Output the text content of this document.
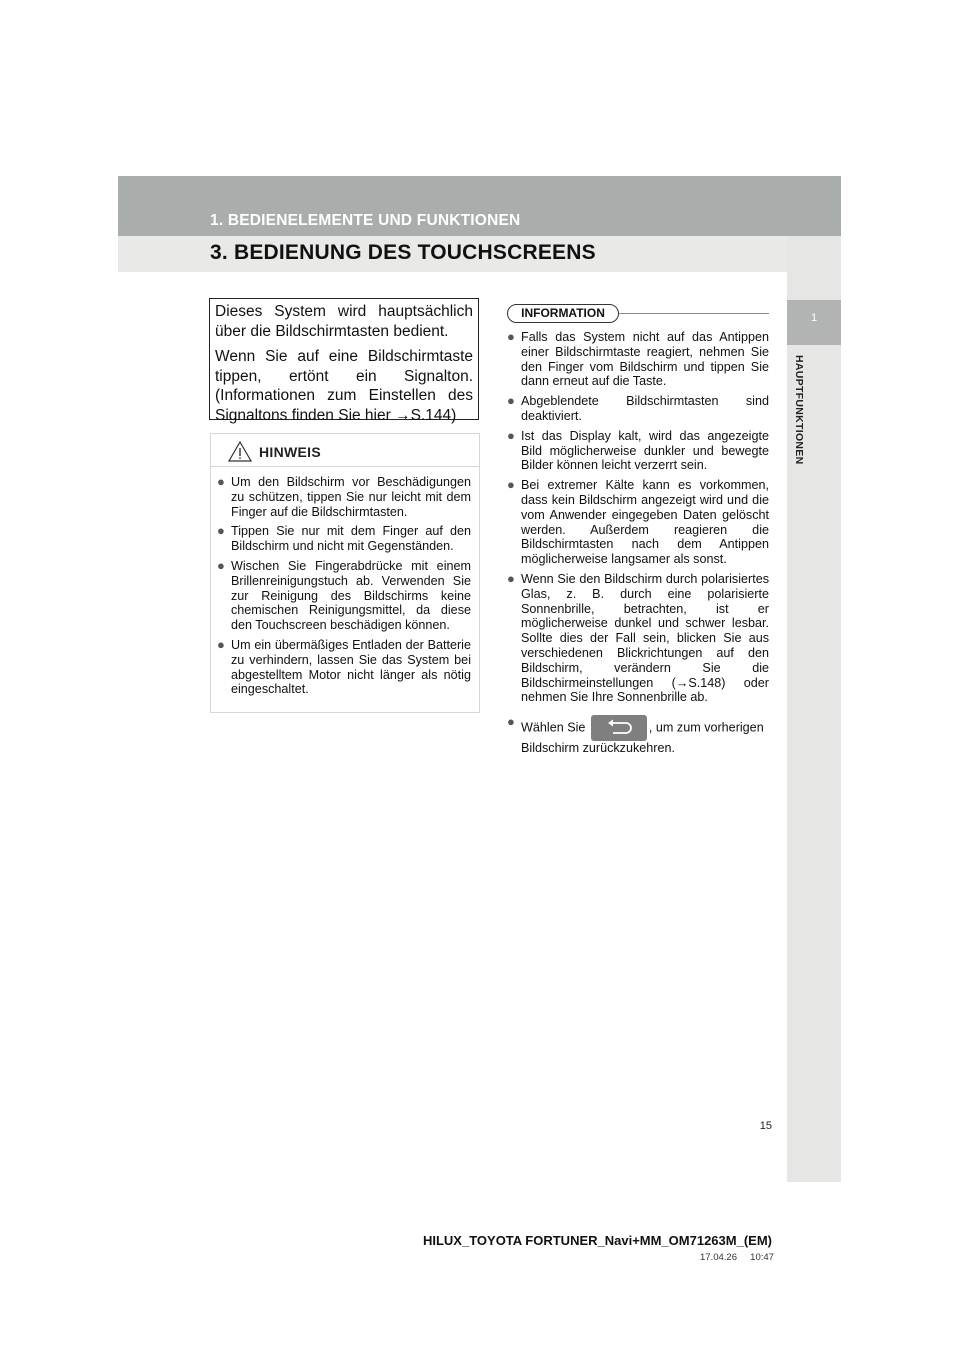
1. BEDIENELEMENTE UND FUNKTIONEN
3. BEDIENUNG DES TOUCHSCREENS
1
HAUPTFUNKTIONEN

Dieses System wird hauptsächlich über die Bildschirmtasten bedient.

Wenn Sie auf eine Bildschirmtaste tippen, ertönt ein Signalton. (Informationen zum Einstellen des Signaltons finden Sie hier →S.144)

HINWEIS
● Um den Bildschirm vor Beschädigungen zu schützen, tippen Sie nur leicht mit dem Finger auf die Bildschirmtasten.
● Tippen Sie nur mit dem Finger auf den Bildschirm und nicht mit Gegenständen.
● Wischen Sie Fingerabdrücke mit einem Brillenreinigungstuch ab. Verwenden Sie zur Reinigung des Bildschirms keine chemischen Reinigungsmittel, da diese den Touchscreen beschädigen können.
● Um ein übermäßiges Entladen der Batterie zu verhindern, lassen Sie das System bei abgestelltem Motor nicht länger als nötig eingeschaltet.
INFORMATION
● Falls das System nicht auf das Antippen einer Bildschirmtaste reagiert, nehmen Sie den Finger vom Bildschirm und tippen Sie dann erneut auf die Taste.
● Abgeblendete Bildschirmtasten sind deaktiviert.
● Ist das Display kalt, wird das angezeigte Bild möglicherweise dunkler und bewegte Bilder können leicht verzerrt sein.
● Bei extremer Kälte kann es vorkommen, dass kein Bildschirm angezeigt wird und die vom Anwender eingegeben Daten gelöscht werden. Außerdem reagieren die Bildschirmtasten nach dem Antippen möglicherweise langsamer als sonst.
● Wenn Sie den Bildschirm durch polarisiertes Glas, z. B. durch eine polarisierte Sonnenbrille, betrachten, ist er möglicherweise dunkel und schwer lesbar. Sollte dies der Fall sein, blicken Sie aus verschiedenen Blickrichtungen auf den Bildschirm, verändern Sie die Bildschirmeinstellungen (→S.148) oder nehmen Sie Ihre Sonnenbrille ab.
● Wählen Sie	, um zum vorherigen Bildschirm zurückzukehren.
15
HILUX_TOYOTA FORTUNER_Navi+MM_OM71263M_(EM)
17.04.26     10:47
